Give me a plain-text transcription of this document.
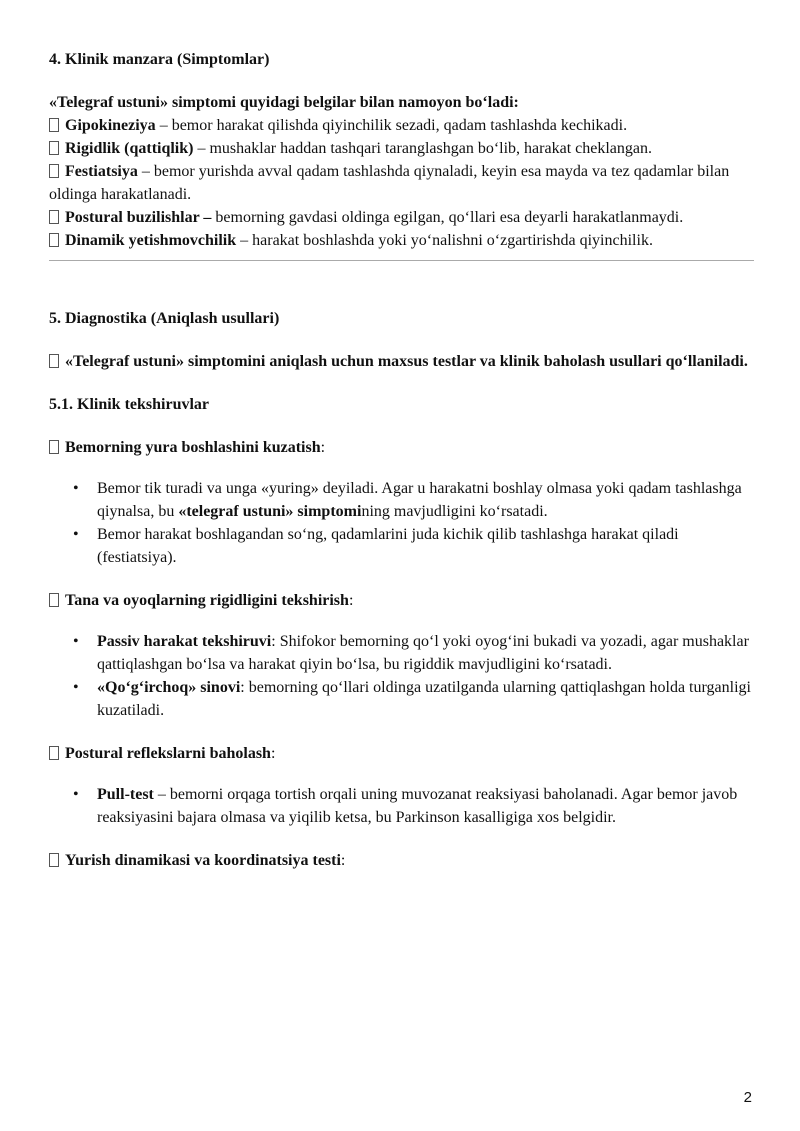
4. Klinik manzara (Simptomlar)

«Telegraf ustuni» simptomi quyidagi belgilar bilan namoyon bo‘ladi:

Gipokineziya – bemor harakat qilishda qiyinchilik sezadi, qadam tashlashda kechikadi.

Rigidlik (qattiqlik) – mushaklar haddan tashqari taranglashgan bo‘lib, harakat cheklangan.

Festiatsiya – bemor yurishda avval qadam tashlashda qiynaladi, keyin esa mayda va tez qadamlar bilan oldinga harakatlanadi.

Postural buzilishlar – bemorning gavdasi oldinga egilgan, qo‘llari esa deyarli harakatlanmaydi.

Dinamik yetishmovchilik – harakat boshlashda yoki yo‘nalishni o‘zgartirishda qiyinchilik.

5. Diagnostika (Aniqlash usullari)

«Telegraf ustuni» simptomini aniqlash uchun maxsus testlar va klinik baholash usullari qo‘llaniladi.

5.1. Klinik tekshiruvlar

Bemorning yura boshlashini kuzatish:

• Bemor tik turadi va unga «yuring» deyiladi. Agar u harakatni boshlay olmasa yoki qadam tashlashga qiynalsa, bu «telegraf ustuni» simptomining mavjudligini ko‘rsatadi.
• Bemor harakat boshlagandan so‘ng, qadamlarini juda kichik qilib tashlashga harakat qiladi (festiatsiya).

Tana va oyoqlarning rigidligini tekshirish:

• Passiv harakat tekshiruvi: Shifokor bemorning qo‘l yoki oyog‘ini bukadi va yozadi, agar mushaklar qattiqlashgan bo‘lsa va harakat qiyin bo‘lsa, bu rigiddik mavjudligini ko‘rsatadi.
• «Qo‘g‘irchoq» sinovi: bemorning qo‘llari oldinga uzatilganda ularning qattiqlashgan holda turganligi kuzatiladi.

Postural reflekslarni baholash:

• Pull-test – bemorni orqaga tortish orqali uning muvozanat reaksiyasi baholanadi. Agar bemor javob reaksiyasini bajara olmasa va yiqilib ketsa, bu Parkinson kasalligiga xos belgidir.

Yurish dinamikasi va koordinatsiya testi:

2
